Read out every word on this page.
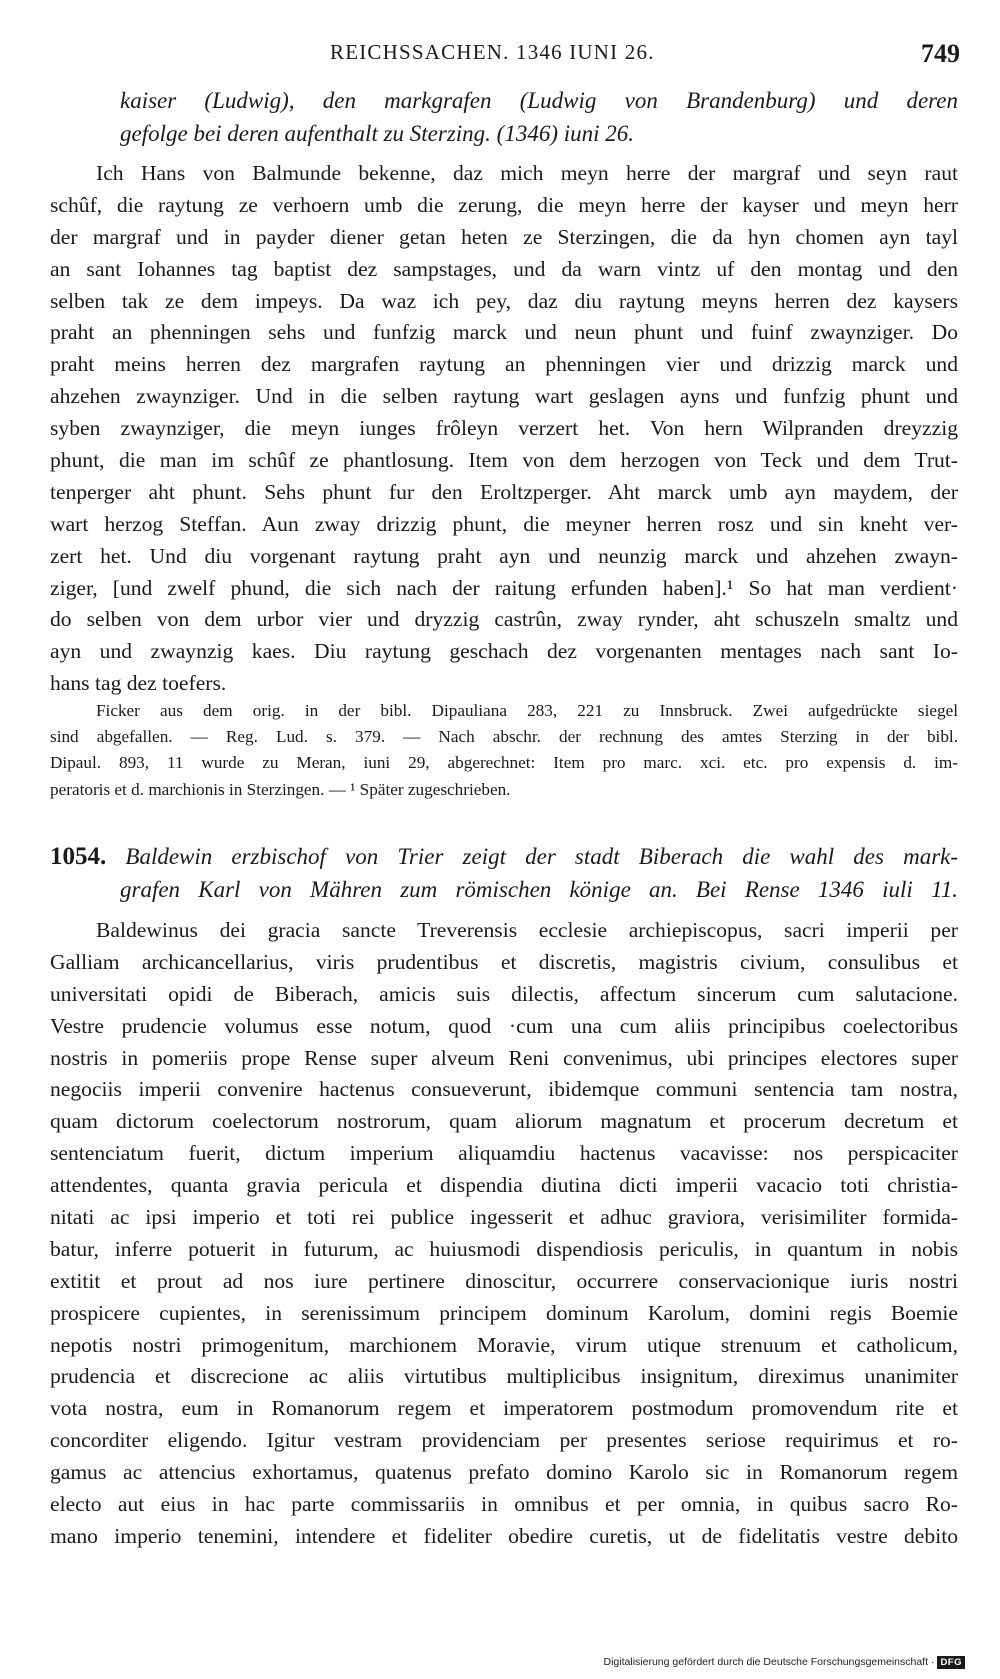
REICHSSACHEN. 1346 IUNI 26.	749
kaiser (Ludwig), den markgrafen (Ludwig von Brandenburg) und deren
gefolge bei deren aufenthalt zu Sterzing. (1346) iuni 26.
Ich Hans von Balmunde bekenne, daz mich meyn herre der margraf und seyn raut
schûf, die raytung ze verhoern umb die zerung, die meyn herre der kayser und meyn herr
der margraf und in payder diener getan heten ze Sterzingen, die da hyn chomen ayn tayl
an sant Iohannes tag baptist dez sampstages, und da warn vintz uf den montag und den
selben tak ze dem impeys. Da waz ich pey, daz diu raytung meyns herren dez kaysers
praht an phenningen sehs und funfzig marck und neun phunt und fuinf zwaynziger. Do
praht meins herren dez margrafen raytung an phenningen vier und drizzig marck und
ahzehen zwaynziger. Und in die selben raytung wart geslagen ayns und funfzig phunt und
syben zwaynziger, die meyn iunges frôleyn verzert het. Von hern Wilpranden dreyzzig
phunt, die man im schûf ze phantlosung. Item von dem herzogen von Teck und dem Trut-
tenperger aht phunt. Sehs phunt fur den Eroltzperger. Aht marck umb ayn maydem, der
wart herzog Steffan. Aun zway drizzig phunt, die meyner herren rosz und sin kneht ver-
zert het. Und diu vorgenant raytung praht ayn und neunzig marck und ahzehen zwayn-
ziger, [und zwelf phund, die sich nach der raitung erfunden haben].¹ So hat man verdient·
do selben von dem urbor vier und dryzzig castrûn, zway rynder, aht schuszeln smaltz und
ayn und zwaynzig kaes. Diu raytung geschach dez vorgenanten mentages nach sant Io-
hans tag dez toefers.
Ficker aus dem orig. in der bibl. Dipauliana 283, 221 zu Innsbruck. Zwei aufgedrückte siegel
sind abgefallen. — Reg. Lud. s. 379. — Nach abschr. der rechnung des amtes Sterzing in der bibl.
Dipaul. 893, 11 wurde zu Meran, iuni 29, abgerechnet: Item pro marc. xci. etc. pro expensis d. im-
peratoris et d. marchionis in Sterzingen. — ¹ Später zugeschrieben.
1054. Baldewin erzbischof von Trier zeigt der stadt Biberach die wahl des mark-
grafen Karl von Mähren zum römischen könige an. Bei Rense 1346 iuli 11.
Baldewinus dei gracia sancte Treverensis ecclesie archiepiscopus, sacri imperii per
Galliam archicancellarius, viris prudentibus et discretis, magistris civium, consulibus et
universitati opidi de Biberach, amicis suis dilectis, affectum sincerum cum salutacione.
Vestre prudencie volumus esse notum, quod ·cum una cum aliis principibus coelectoribus
nostris in pomeriis prope Rense super alveum Reni convenimus, ubi principes electores super
negociis imperii convenire hactenus consueverunt, ibidemque communi sentencia tam nostra,
quam dictorum coelectorum nostrorum, quam aliorum magnatum et procerum decretum et
sentenciatum fuerit, dictum imperium aliquamdiu hactenus vacavisse: nos perspicaciter
attendentes, quanta gravia pericula et dispendia diutina dicti imperii vacacio toti christia-
nitati ac ipsi imperio et toti rei publice ingesserit et adhuc graviora, verisimiliter formida-
batur, inferre potuerit in futurum, ac huiusmodi dispendiosis periculis, in quantum in nobis
extitit et prout ad nos iure pertinere dinoscitur, occurrere conservacionique iuris nostri
prospicere cupientes, in serenissimum principem dominum Karolum, domini regis Boemie
nepotis nostri primogenitum, marchionem Moravie, virum utique strenuum et catholicum,
prudencia et discrecione ac aliis virtutibus multiplicibus insignitum, direximus unanimiter
vota nostra, eum in Romanorum regem et imperatorem postmodum promovendum rite et
concorditer eligendo. Igitur vestram providenciam per presentes seriose requirimus et ro-
gamus ac attencius exhortamus, quatenus prefato domino Karolo sic in Romanorum regem
electo aut eius in hac parte commissariis in omnibus et per omnia, in quibus sacro Ro-
mano imperio tenemini, intendere et fideliter obedire curetis, ut de fidelitatis vestre debito
Digitalisierung gefördert durch die Deutsche Forschungsgemeinschaft · DFG
